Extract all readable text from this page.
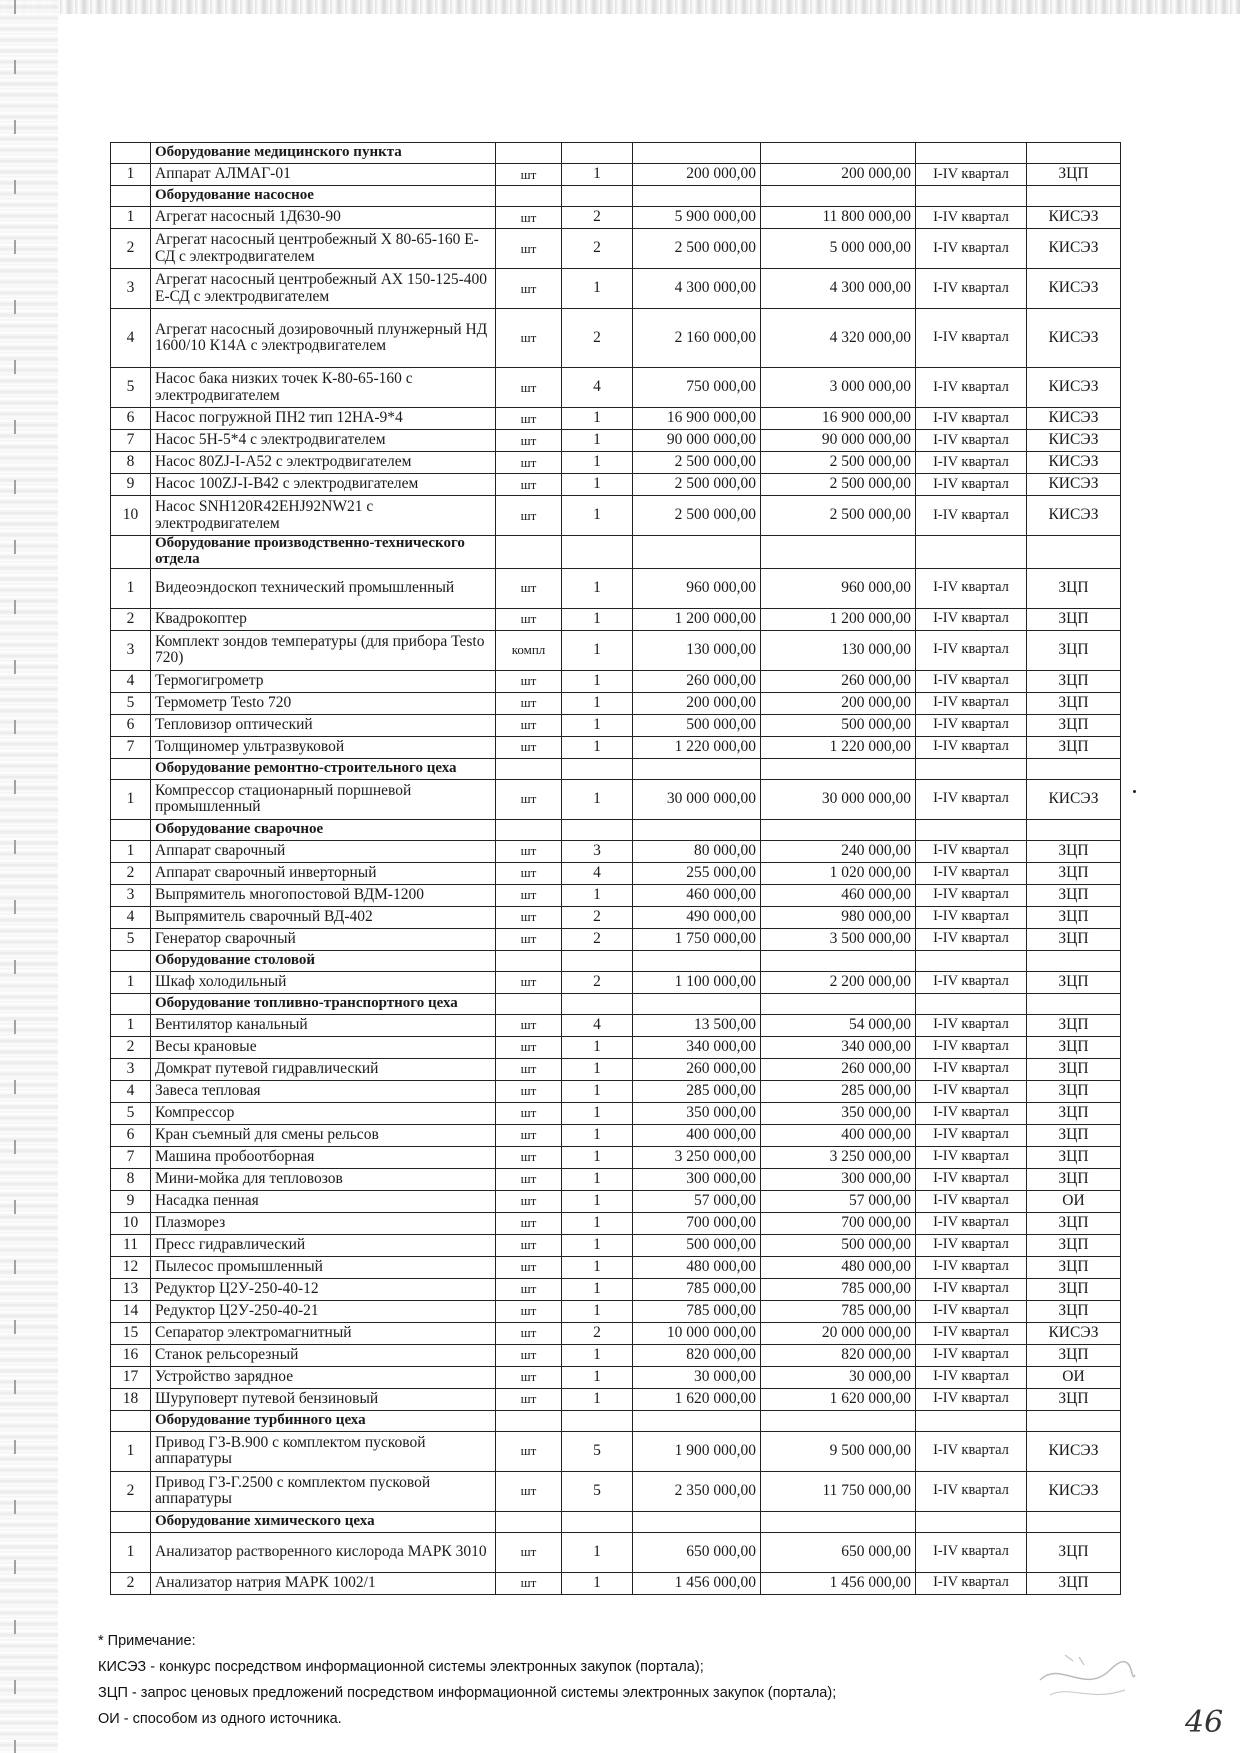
	Оборудование медицинского пункта						
1	Аппарат АЛМАГ-01	шт	1	200 000,00	200 000,00	I-IV квартал	ЗЦП
	Оборудование насосное						
1	Агрегат насосный 1Д630-90	шт	2	5 900 000,00	11 800 000,00	I-IV квартал	КИСЭЗ
2	Агрегат насосный центробежный Х 80-65-160 Е-СД с электродвигателем	шт	2	2 500 000,00	5 000 000,00	I-IV квартал	КИСЭЗ
3	Агрегат насосный центробежный АХ 150-125-400 Е-СД с электродвигателем	шт	1	4 300 000,00	4 300 000,00	I-IV квартал	КИСЭЗ
4	Агрегат насосный дозировочный плунжерный НД 1600/10 К14А с электродвигателем	шт	2	2 160 000,00	4 320 000,00	I-IV квартал	КИСЭЗ
5	Насос бака низких точек К-80-65-160 с электродвигателем	шт	4	750 000,00	3 000 000,00	I-IV квартал	КИСЭЗ
6	Насос погружной ПН2 тип 12НА-9*4	шт	1	16 900 000,00	16 900 000,00	I-IV квартал	КИСЭЗ
7	Насос 5Н-5*4 с электродвигателем	шт	1	90 000 000,00	90 000 000,00	I-IV квартал	КИСЭЗ
8	Насос 80ZJ-I-A52 с электродвигателем	шт	1	2 500 000,00	2 500 000,00	I-IV квартал	КИСЭЗ
9	Насос 100ZJ-I-B42 с электродвигателем	шт	1	2 500 000,00	2 500 000,00	I-IV квартал	КИСЭЗ
10	Насос SNH120R42EHJ92NW21 с электродвигателем	шт	1	2 500 000,00	2 500 000,00	I-IV квартал	КИСЭЗ
	Оборудование производственно-технического отдела						
1	Видеоэндоскоп технический промышленный	шт	1	960 000,00	960 000,00	I-IV квартал	ЗЦП
2	Квадрокоптер	шт	1	1 200 000,00	1 200 000,00	I-IV квартал	ЗЦП
3	Комплект зондов температуры (для прибора Testo 720)	компл	1	130 000,00	130 000,00	I-IV квартал	ЗЦП
4	Термогигрометр	шт	1	260 000,00	260 000,00	I-IV квартал	ЗЦП
5	Термометр Testo 720	шт	1	200 000,00	200 000,00	I-IV квартал	ЗЦП
6	Тепловизор оптический	шт	1	500 000,00	500 000,00	I-IV квартал	ЗЦП
7	Толщиномер ультразвуковой	шт	1	1 220 000,00	1 220 000,00	I-IV квартал	ЗЦП
	Оборудование ремонтно-строительного цеха						
1	Компрессор стационарный поршневой промышленный	шт	1	30 000 000,00	30 000 000,00	I-IV квартал	КИСЭЗ
	Оборудование сварочное						
1	Аппарат сварочный	шт	3	80 000,00	240 000,00	I-IV квартал	ЗЦП
2	Аппарат сварочный инверторный	шт	4	255 000,00	1 020 000,00	I-IV квартал	ЗЦП
3	Выпрямитель многопостовой ВДМ-1200	шт	1	460 000,00	460 000,00	I-IV квартал	ЗЦП
4	Выпрямитель сварочный ВД-402	шт	2	490 000,00	980 000,00	I-IV квартал	ЗЦП
5	Генератор сварочный	шт	2	1 750 000,00	3 500 000,00	I-IV квартал	ЗЦП
	Оборудование столовой						
1	Шкаф холодильный	шт	2	1 100 000,00	2 200 000,00	I-IV квартал	ЗЦП
	Оборудование топливно-транспортного цеха						
1	Вентилятор канальный	шт	4	13 500,00	54 000,00	I-IV квартал	ЗЦП
2	Весы крановые	шт	1	340 000,00	340 000,00	I-IV квартал	ЗЦП
3	Домкрат путевой гидравлический	шт	1	260 000,00	260 000,00	I-IV квартал	ЗЦП
4	Завеса тепловая	шт	1	285 000,00	285 000,00	I-IV квартал	ЗЦП
5	Компрессор	шт	1	350 000,00	350 000,00	I-IV квартал	ЗЦП
6	Кран съемный для смены рельсов	шт	1	400 000,00	400 000,00	I-IV квартал	ЗЦП
7	Машина пробоотборная	шт	1	3 250 000,00	3 250 000,00	I-IV квартал	ЗЦП
8	Мини-мойка для тепловозов	шт	1	300 000,00	300 000,00	I-IV квартал	ЗЦП
9	Насадка пенная	шт	1	57 000,00	57 000,00	I-IV квартал	ОИ
10	Плазморез	шт	1	700 000,00	700 000,00	I-IV квартал	ЗЦП
11	Пресс гидравлический	шт	1	500 000,00	500 000,00	I-IV квартал	ЗЦП
12	Пылесос промышленный	шт	1	480 000,00	480 000,00	I-IV квартал	ЗЦП
13	Редуктор Ц2У-250-40-12	шт	1	785 000,00	785 000,00	I-IV квартал	ЗЦП
14	Редуктор Ц2У-250-40-21	шт	1	785 000,00	785 000,00	I-IV квартал	ЗЦП
15	Сепаратор электромагнитный	шт	2	10 000 000,00	20 000 000,00	I-IV квартал	КИСЭЗ
16	Станок рельсорезный	шт	1	820 000,00	820 000,00	I-IV квартал	ЗЦП
17	Устройство зарядное	шт	1	30 000,00	30 000,00	I-IV квартал	ОИ
18	Шуруповерт путевой бензиновый	шт	1	1 620 000,00	1 620 000,00	I-IV квартал	ЗЦП
	Оборудование турбинного цеха						
1	Привод ГЗ-В.900 с комплектом пусковой аппаратуры	шт	5	1 900 000,00	9 500 000,00	I-IV квартал	КИСЭЗ
2	Привод ГЗ-Г.2500 с комплектом пусковой аппаратуры	шт	5	2 350 000,00	11 750 000,00	I-IV квартал	КИСЭЗ
	Оборудование химического цеха						
1	Анализатор растворенного кислорода МАРК 3010	шт	1	650 000,00	650 000,00	I-IV квартал	ЗЦП
2	Анализатор натрия МАРК 1002/1	шт	1	1 456 000,00	1 456 000,00	I-IV квартал	ЗЦП
* Примечание:
КИСЭЗ - конкурс посредством информационной системы электронных закупок (портала);
ЗЦП - запрос ценовых предложений посредством информационной системы электронных закупок (портала);
ОИ - способом из одного источника.	46
